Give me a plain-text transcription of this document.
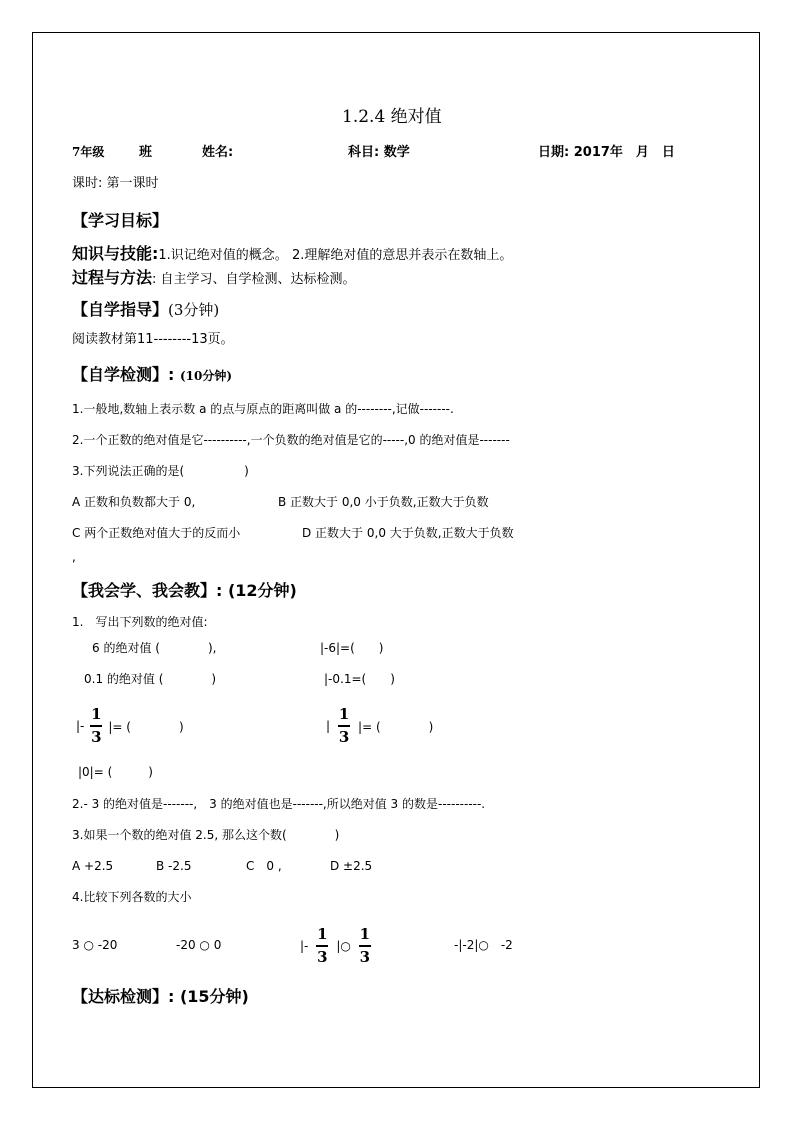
1.2.4 绝对值
7年级	班	姓名:	科目: 数学	日期: 2017年　月　日
课时: 第一课时
【学习目标】
知识与技能:1.识记绝对值的概念。 2.理解绝对值的意思并表示在数轴上。
过程与方法: 自主学习、自学检测、达标检测。
【自学指导】(3分钟)
阅读教材第11--------13页。
【自学检测】: (10分钟)
1.一般地,数轴上表示数 a 的点与原点的距离叫做 a 的--------,记做-------.
2.一个正数的绝对值是它----------,一个负数的绝对值是它的-----,0 的绝对值是-------
3.下列说法正确的是(　　　　　)
A 正数和负数都大于 0,	B 正数大于 0,0 小于负数,正数大于负数
C 两个正数绝对值大于的反而小	D 正数大于 0,0 大于负数,正数大于负数
,
【我会学、我会教】: (12分钟)
1.　写出下列数的绝对值:
6 的绝对值 (　　　　),	|-6|=(　　)
0.1 的绝对值 (　　　　)	|-0.1=(　　)
|- $\frac{1}{3}$ |= (　　　　)	| $\frac{1}{3}$ |= (　　　　)
|0|= (　　　)
2.- 3 的绝对值是-------,　3 的绝对值也是-------,所以绝对值 3 的数是----------.
3.如果一个数的绝对值 2.5, 那么这个数(　　　　)
A +2.5	B -2.5	C　0 ,	D ±2.5
4.比较下列各数的大小
3 ○ -20	-20 ○ 0	|- $\frac{1}{3}$ |○ $\frac{1}{3}$	-|-2|○　-2
【达标检测】: (15分钟)
